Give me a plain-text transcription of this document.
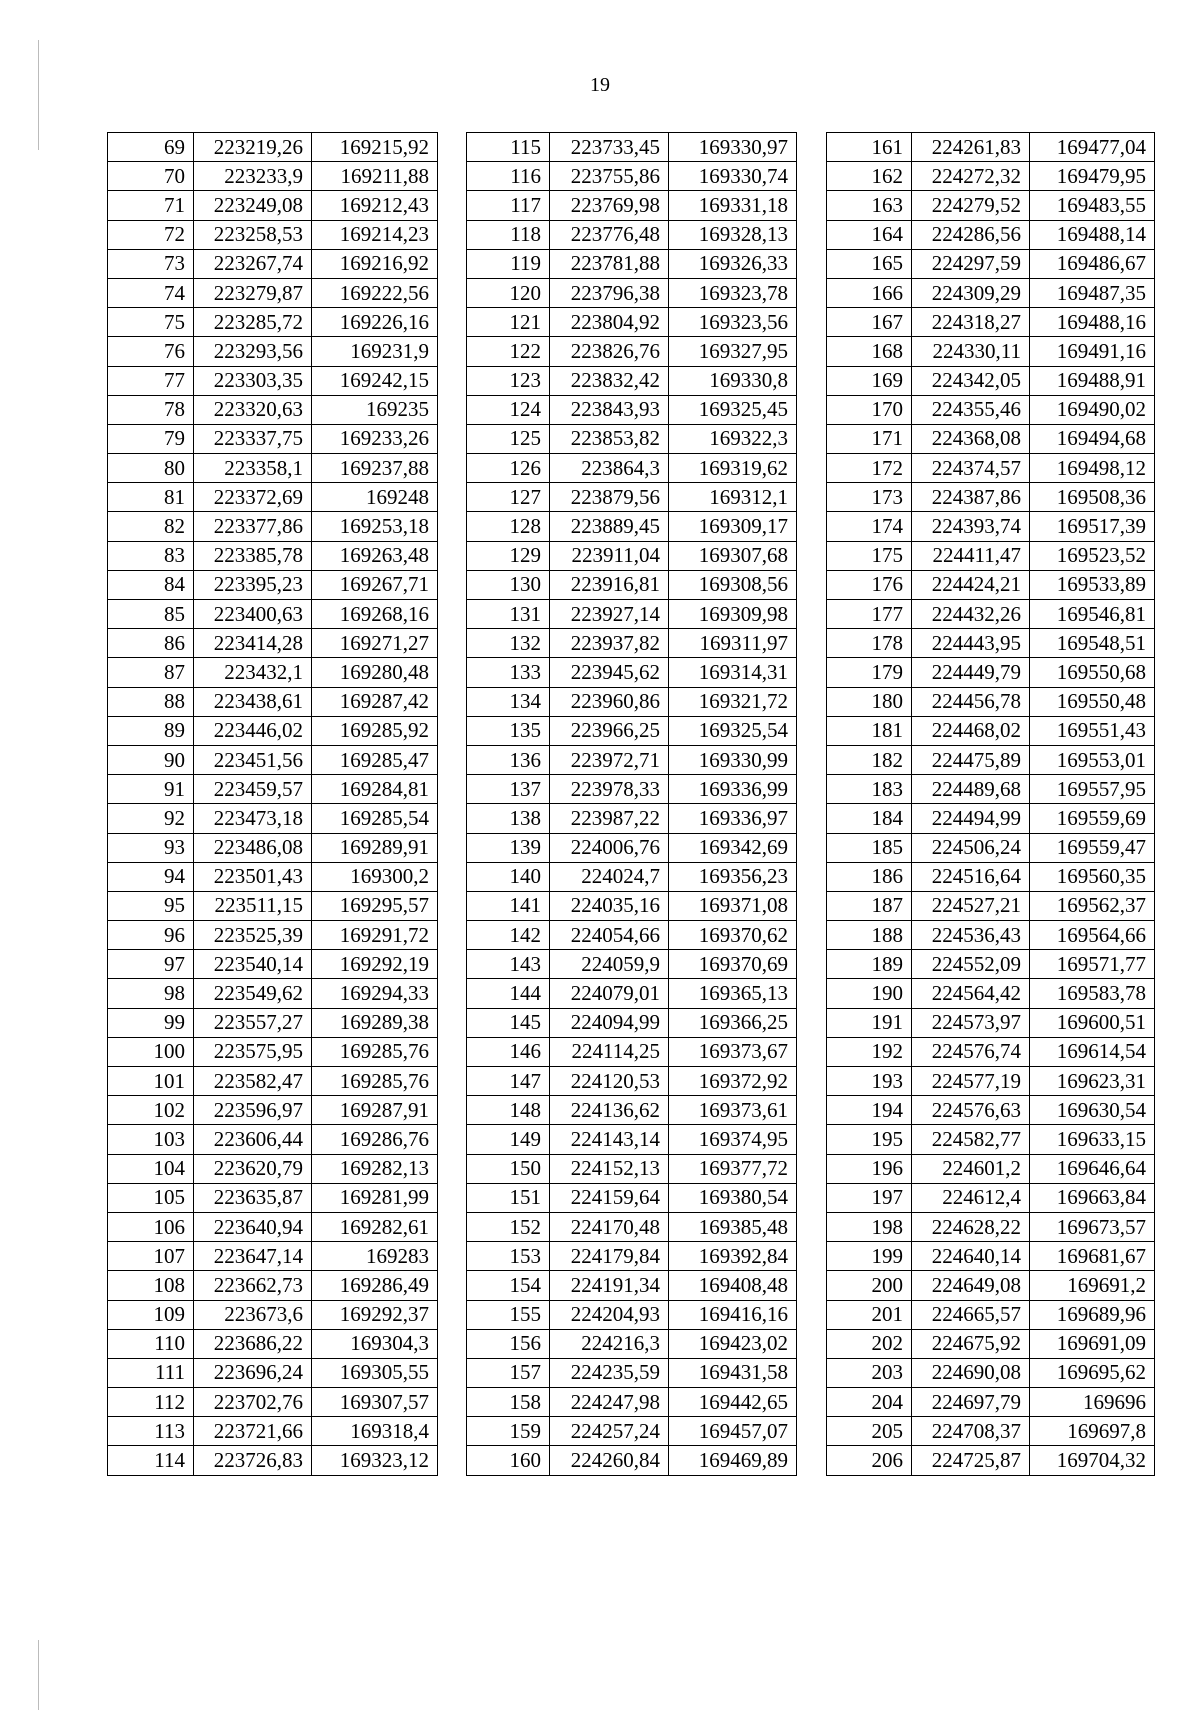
19
69	223219,26	169215,92
70	223233,9	169211,88
71	223249,08	169212,43
72	223258,53	169214,23
73	223267,74	169216,92
74	223279,87	169222,56
75	223285,72	169226,16
76	223293,56	169231,9
77	223303,35	169242,15
78	223320,63	169235
79	223337,75	169233,26
80	223358,1	169237,88
81	223372,69	169248
82	223377,86	169253,18
83	223385,78	169263,48
84	223395,23	169267,71
85	223400,63	169268,16
86	223414,28	169271,27
87	223432,1	169280,48
88	223438,61	169287,42
89	223446,02	169285,92
90	223451,56	169285,47
91	223459,57	169284,81
92	223473,18	169285,54
93	223486,08	169289,91
94	223501,43	169300,2
95	223511,15	169295,57
96	223525,39	169291,72
97	223540,14	169292,19
98	223549,62	169294,33
99	223557,27	169289,38
100	223575,95	169285,76
101	223582,47	169285,76
102	223596,97	169287,91
103	223606,44	169286,76
104	223620,79	169282,13
105	223635,87	169281,99
106	223640,94	169282,61
107	223647,14	169283
108	223662,73	169286,49
109	223673,6	169292,37
110	223686,22	169304,3
111	223696,24	169305,55
112	223702,76	169307,57
113	223721,66	169318,4
114	223726,83	169323,12
115	223733,45	169330,97
116	223755,86	169330,74
117	223769,98	169331,18
118	223776,48	169328,13
119	223781,88	169326,33
120	223796,38	169323,78
121	223804,92	169323,56
122	223826,76	169327,95
123	223832,42	169330,8
124	223843,93	169325,45
125	223853,82	169322,3
126	223864,3	169319,62
127	223879,56	169312,1
128	223889,45	169309,17
129	223911,04	169307,68
130	223916,81	169308,56
131	223927,14	169309,98
132	223937,82	169311,97
133	223945,62	169314,31
134	223960,86	169321,72
135	223966,25	169325,54
136	223972,71	169330,99
137	223978,33	169336,99
138	223987,22	169336,97
139	224006,76	169342,69
140	224024,7	169356,23
141	224035,16	169371,08
142	224054,66	169370,62
143	224059,9	169370,69
144	224079,01	169365,13
145	224094,99	169366,25
146	224114,25	169373,67
147	224120,53	169372,92
148	224136,62	169373,61
149	224143,14	169374,95
150	224152,13	169377,72
151	224159,64	169380,54
152	224170,48	169385,48
153	224179,84	169392,84
154	224191,34	169408,48
155	224204,93	169416,16
156	224216,3	169423,02
157	224235,59	169431,58
158	224247,98	169442,65
159	224257,24	169457,07
160	224260,84	169469,89
161	224261,83	169477,04
162	224272,32	169479,95
163	224279,52	169483,55
164	224286,56	169488,14
165	224297,59	169486,67
166	224309,29	169487,35
167	224318,27	169488,16
168	224330,11	169491,16
169	224342,05	169488,91
170	224355,46	169490,02
171	224368,08	169494,68
172	224374,57	169498,12
173	224387,86	169508,36
174	224393,74	169517,39
175	224411,47	169523,52
176	224424,21	169533,89
177	224432,26	169546,81
178	224443,95	169548,51
179	224449,79	169550,68
180	224456,78	169550,48
181	224468,02	169551,43
182	224475,89	169553,01
183	224489,68	169557,95
184	224494,99	169559,69
185	224506,24	169559,47
186	224516,64	169560,35
187	224527,21	169562,37
188	224536,43	169564,66
189	224552,09	169571,77
190	224564,42	169583,78
191	224573,97	169600,51
192	224576,74	169614,54
193	224577,19	169623,31
194	224576,63	169630,54
195	224582,77	169633,15
196	224601,2	169646,64
197	224612,4	169663,84
198	224628,22	169673,57
199	224640,14	169681,67
200	224649,08	169691,2
201	224665,57	169689,96
202	224675,92	169691,09
203	224690,08	169695,62
204	224697,79	169696
205	224708,37	169697,8
206	224725,87	169704,32
